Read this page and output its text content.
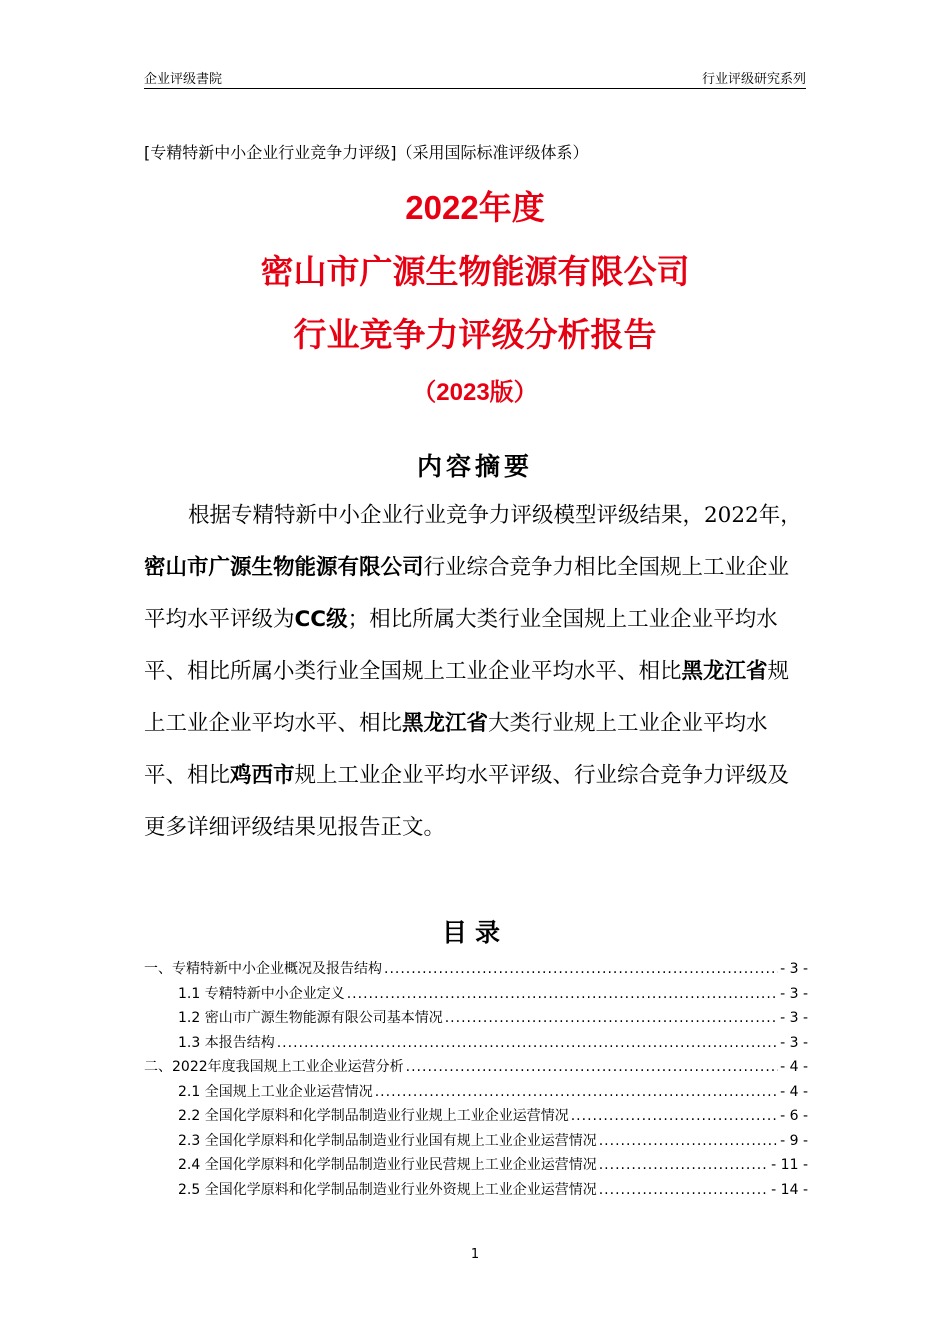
企业评级書院	行业评级研究系列
[专精特新中小企业行业竞争力评级]（采用国际标准评级体系）
2022年度
密山市广源生物能源有限公司
行业竞争力评级分析报告
（2023版）
内容摘要
根据专精特新中小企业行业竞争力评级模型评级结果，2022年，密山市广源生物能源有限公司行业综合竞争力相比全国规上工业企业平均水平评级为CC级；相比所属大类行业全国规上工业企业平均水平、相比所属小类行业全国规上工业企业平均水平、相比黑龙江省规上工业企业平均水平、相比黑龙江省大类行业规上工业企业平均水平、相比鸡西市规上工业企业平均水平评级、行业综合竞争力评级及更多详细评级结果见报告正文。
目录
一、专精特新中小企业概况及报告结构 .....	- 3 -
1.1 专精特新中小企业定义 .....	- 3 -
1.2 密山市广源生物能源有限公司基本情况 .....	- 3 -
1.3 本报告结构 .....	- 3 -
二、2022年度我国规上工业企业运营分析 .....	- 4 -
2.1 全国规上工业企业运营情况 .....	- 4 -
2.2 全国化学原料和化学制品制造业行业规上工业企业运营情况 .....	- 6 -
2.3 全国化学原料和化学制品制造业行业国有规上工业企业运营情况 .....	- 9 -
2.4 全国化学原料和化学制品制造业行业民营规上工业企业运营情况 .....	- 11 -
2.5 全国化学原料和化学制品制造业行业外资规上工业企业运营情况 .....	- 14 -
1
